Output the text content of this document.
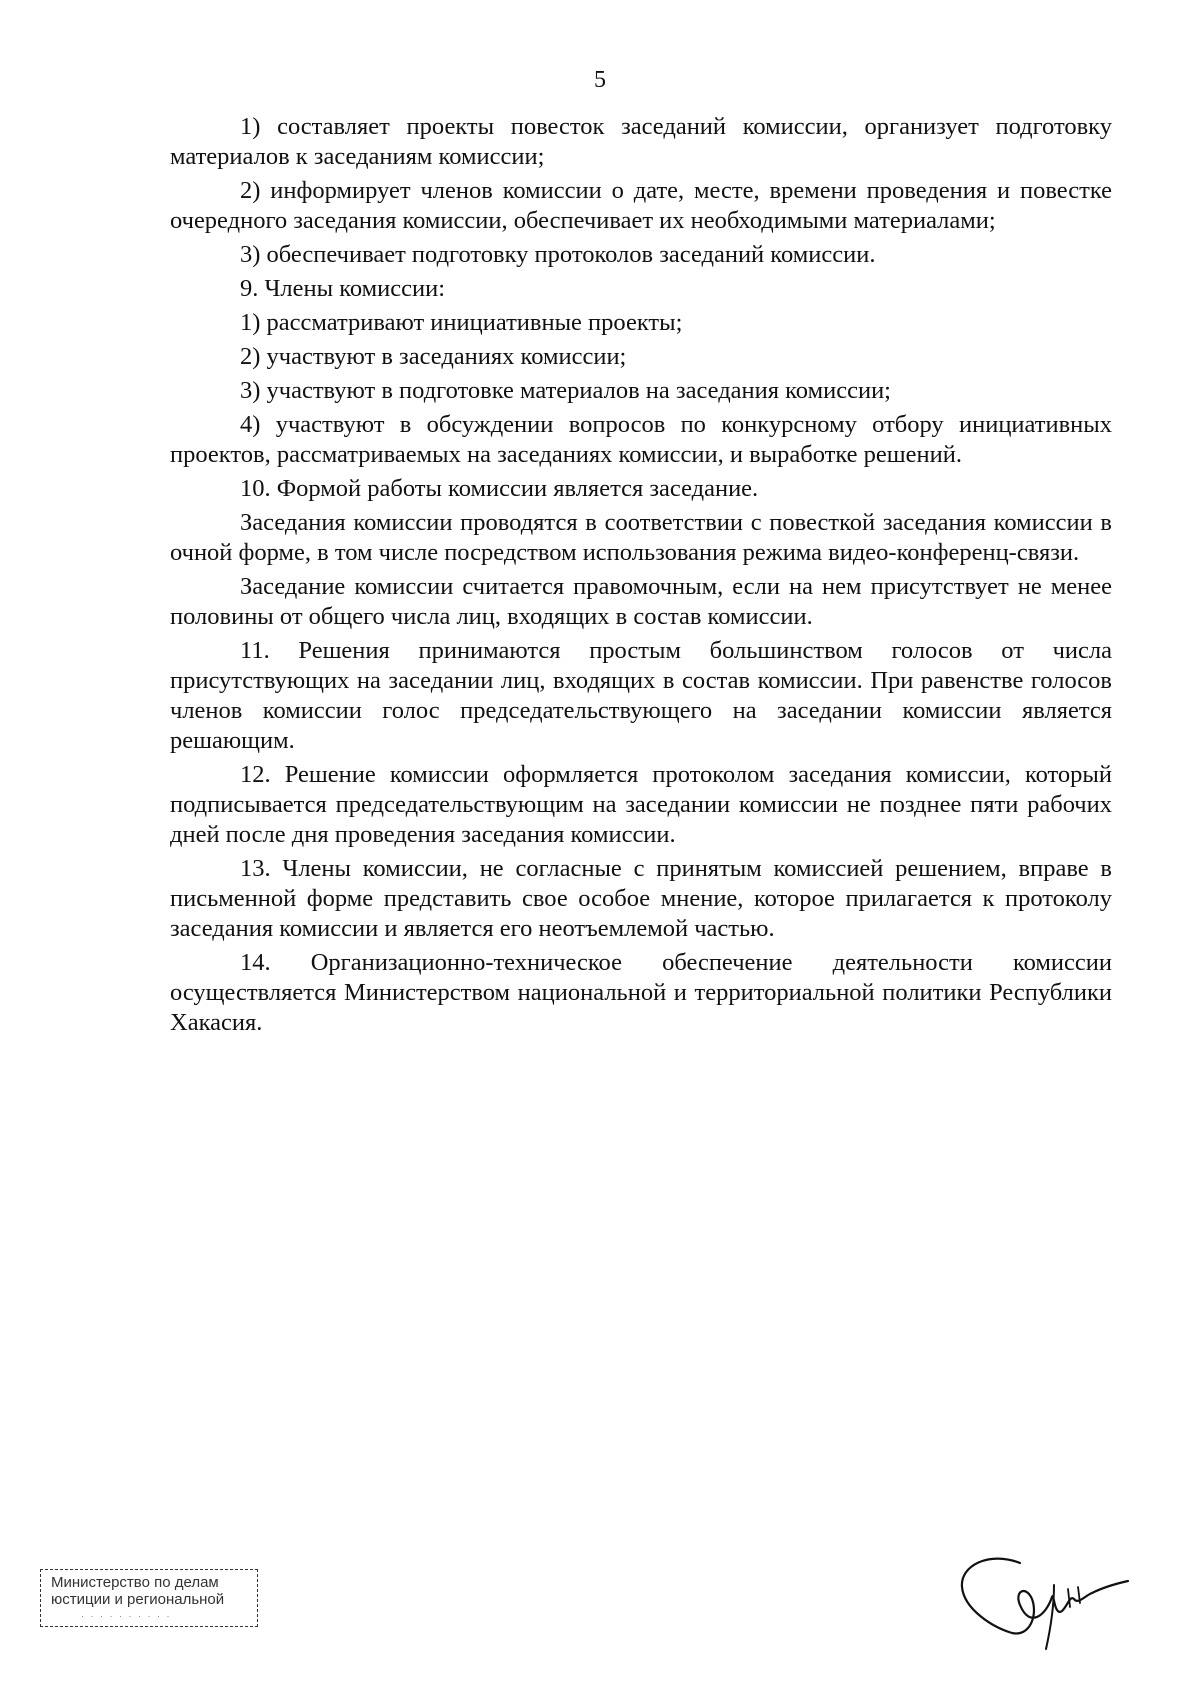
5

1) составляет проекты повесток заседаний комиссии, организует подготовку материалов к заседаниям комиссии;

2) информирует членов комиссии о дате, месте, времени проведения и повестке очередного заседания комиссии, обеспечивает их необходимыми материалами;

3) обеспечивает подготовку протоколов заседаний комиссии.

9. Члены комиссии:

1) рассматривают инициативные проекты;

2) участвуют в заседаниях комиссии;

3) участвуют в подготовке материалов на заседания комиссии;

4) участвуют в обсуждении вопросов по конкурсному отбору инициативных проектов, рассматриваемых на заседаниях комиссии, и выработке решений.

10. Формой работы комиссии является заседание.

Заседания комиссии проводятся в соответствии с повесткой заседания комиссии в очной форме, в том числе посредством использования режима видео-конференц-связи.

Заседание комиссии считается правомочным, если на нем присутствует не менее половины от общего числа лиц, входящих в состав комиссии.

11. Решения принимаются простым большинством голосов от числа присутствующих на заседании лиц, входящих в состав комиссии. При равенстве голосов членов комиссии голос председательствующего на заседании комиссии является решающим.

12. Решение комиссии оформляется протоколом заседания комиссии, который подписывается председательствующим на заседании комиссии не позднее пяти рабочих дней после дня проведения заседания комиссии.

13. Члены комиссии, не согласные с принятым комиссией решением, вправе в письменной форме представить свое особое мнение, которое прилагается к протоколу заседания комиссии и является его неотъемлемой частью.

14. Организационно-техническое обеспечение деятельности комиссии осуществляется Министерством национальной и территориальной политики Республики Хакасия.

Министерство по делам
юстиции и региональной
· · · · · · · · · ·
